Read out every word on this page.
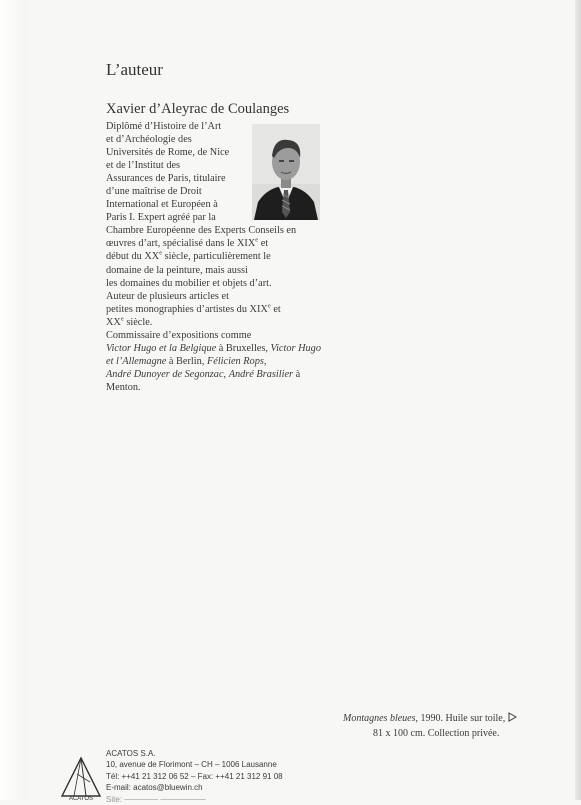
L’auteur
Xavier d’Aleyrac de Coulanges
Diplômé d’Histoire de l’Art
et d’Archéologie des
Universités de Rome, de Nice
et de l’Institut des
Assurances de Paris, titulaire
d’une maîtrise de Droit
International et Européen à
Paris I. Expert agréé par la
Chambre Européenne des Experts Conseils en
œuvres d’art, spécialisé dans le XIXe et
début du XXe siècle, particulièrement le
domaine de la peinture, mais aussi
les domaines du mobilier et objets d’art.
Auteur de plusieurs articles et
petites monographies d’artistes du XIXe et
XXe siècle.
Commissaire d’expositions comme
Victor Hugo et la Belgique à Bruxelles, Victor Hugo
et l’Allemagne à Berlin, Félicien Rops,
André Dunoyer de Segonzac, André Brasilier à
Menton.
Montagnes bleues, 1990. Huile sur toile,
81 x 100 cm. Collection privée.
ACATOS
ACATOS S.A.
10, avenue de Florimont – CH – 1006 Lausanne
Tél: ++41 21 312 06 52 – Fax: ++41 21 312 91 08
E-mail: acatos@bluewin.ch
Site: ────── ────────
